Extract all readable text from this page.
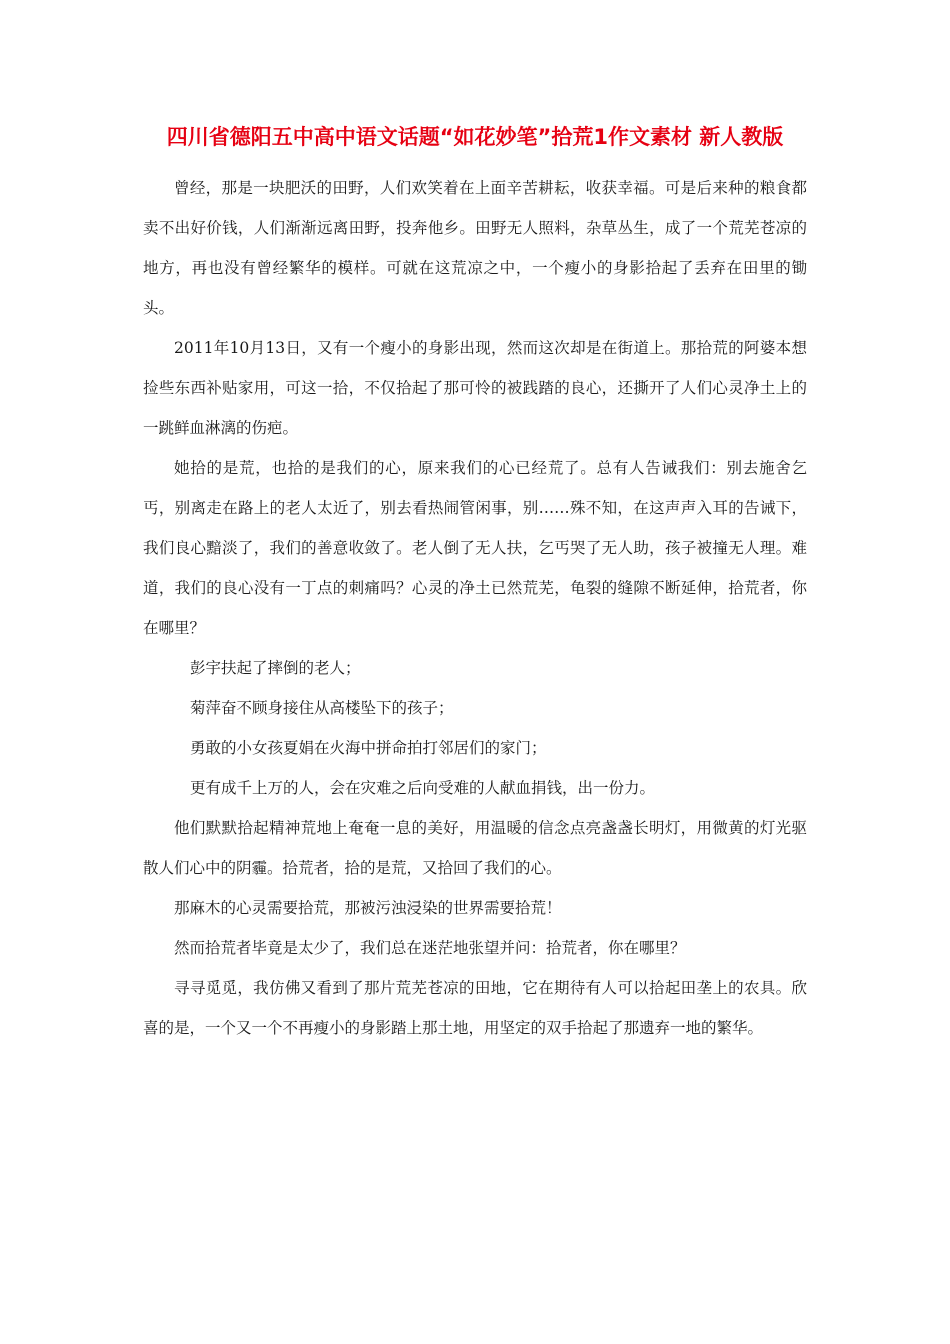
四川省德阳五中高中语文话题“如花妙笔”拾荒1作文素材 新人教版

曾经，那是一块肥沃的田野，人们欢笑着在上面辛苦耕耘，收获幸福。可是后来种的粮食都卖不出好价钱，人们渐渐远离田野，投奔他乡。田野无人照料，杂草丛生，成了一个荒芜苍凉的地方，再也没有曾经繁华的模样。可就在这荒凉之中，一个瘦小的身影拾起了丢弃在田里的锄头。

2011年10月13日，又有一个瘦小的身影出现，然而这次却是在街道上。那拾荒的阿婆本想捡些东西补贴家用，可这一拾，不仅拾起了那可怜的被践踏的良心，还撕开了人们心灵净土上的一跳鲜血淋漓的伤疤。

她拾的是荒，也拾的是我们的心，原来我们的心已经荒了。总有人告诫我们：别去施舍乞丐，别离走在路上的老人太近了，别去看热闹管闲事，别……殊不知，在这声声入耳的告诫下，我们良心黯淡了，我们的善意收敛了。老人倒了无人扶，乞丐哭了无人助，孩子被撞无人理。难道，我们的良心没有一丁点的刺痛吗？心灵的净土已然荒芜，龟裂的缝隙不断延伸，拾荒者，你在哪里？

彭宇扶起了摔倒的老人；

菊萍奋不顾身接住从高楼坠下的孩子；

勇敢的小女孩夏娟在火海中拼命拍打邻居们的家门；

更有成千上万的人，会在灾难之后向受难的人献血捐钱，出一份力。

他们默默拾起精神荒地上奄奄一息的美好，用温暖的信念点亮盏盏长明灯，用微黄的灯光驱散人们心中的阴霾。拾荒者，拾的是荒，又拾回了我们的心。

那麻木的心灵需要拾荒，那被污浊浸染的世界需要拾荒！

然而拾荒者毕竟是太少了，我们总在迷茫地张望并问：拾荒者，你在哪里？

寻寻觅觅，我仿佛又看到了那片荒芜苍凉的田地，它在期待有人可以拾起田垄上的农具。欣喜的是，一个又一个不再瘦小的身影踏上那土地，用坚定的双手拾起了那遗弃一地的繁华。
